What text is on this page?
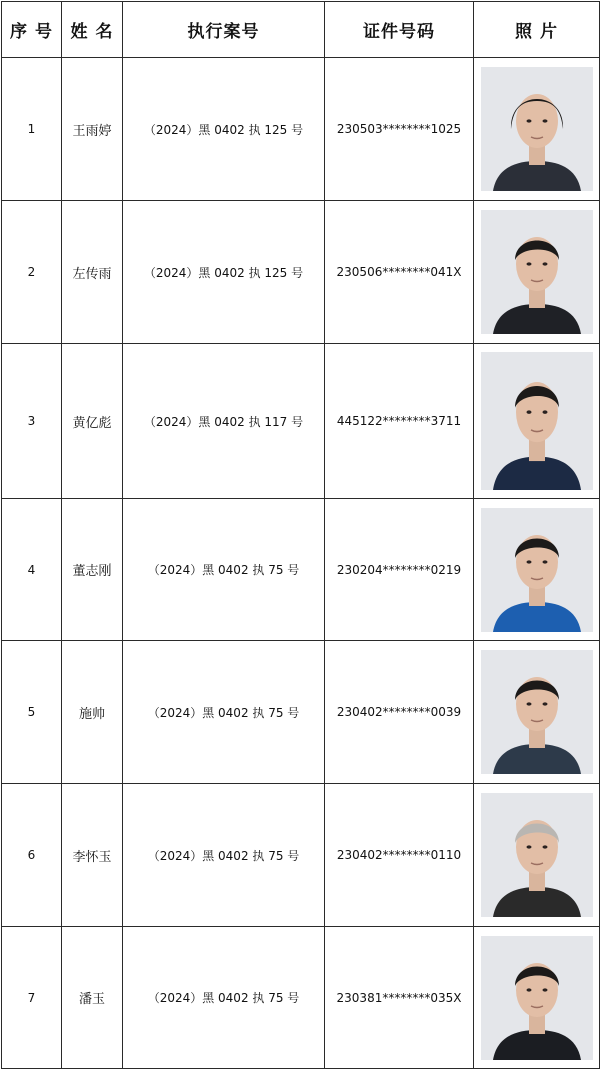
序 号	姓 名	执行案号	证件号码	照 片
1	王雨婷	（2024）黑 0402 执 125 号	230503********1025	

2	左传雨	（2024）黑 0402 执 125 号	230506********041X	

3	黄亿彪	（2024）黑 0402 执 117 号	445122********3711	

4	董志刚	（2024）黑 0402 执 75 号	230204********0219	

5	施帅	（2024）黑 0402 执 75 号	230402********0039	

6	李怀玉	（2024）黑 0402 执 75 号	230402********0110	

7	潘玉	（2024）黑 0402 执 75 号	230381********035X	
